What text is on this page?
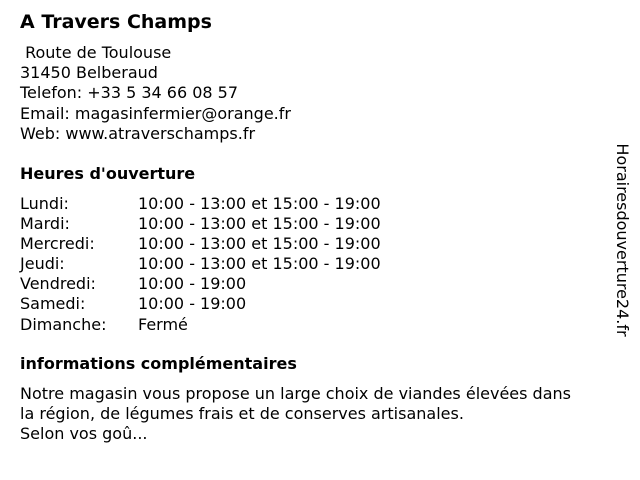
A Travers Champs
Route de Toulouse
31450 Belberaud
Telefon: +33 5 34 66 08 57
Email: magasinfermier@orange.fr
Web: www.atraverschamps.fr
Heures d'ouverture
Lundi:	10:00 - 13:00 et 15:00 - 19:00
Mardi:	10:00 - 13:00 et 15:00 - 19:00
Mercredi:	10:00 - 13:00 et 15:00 - 19:00
Jeudi:	10:00 - 13:00 et 15:00 - 19:00
Vendredi:	10:00 - 19:00
Samedi:	10:00 - 19:00
Dimanche: Fermé
informations complémentaires
Notre magasin vous propose un large choix de viandes élevées dans
la région, de légumes frais et de conserves artisanales.
Selon vos goû...
Horairesdouverture24.fr
